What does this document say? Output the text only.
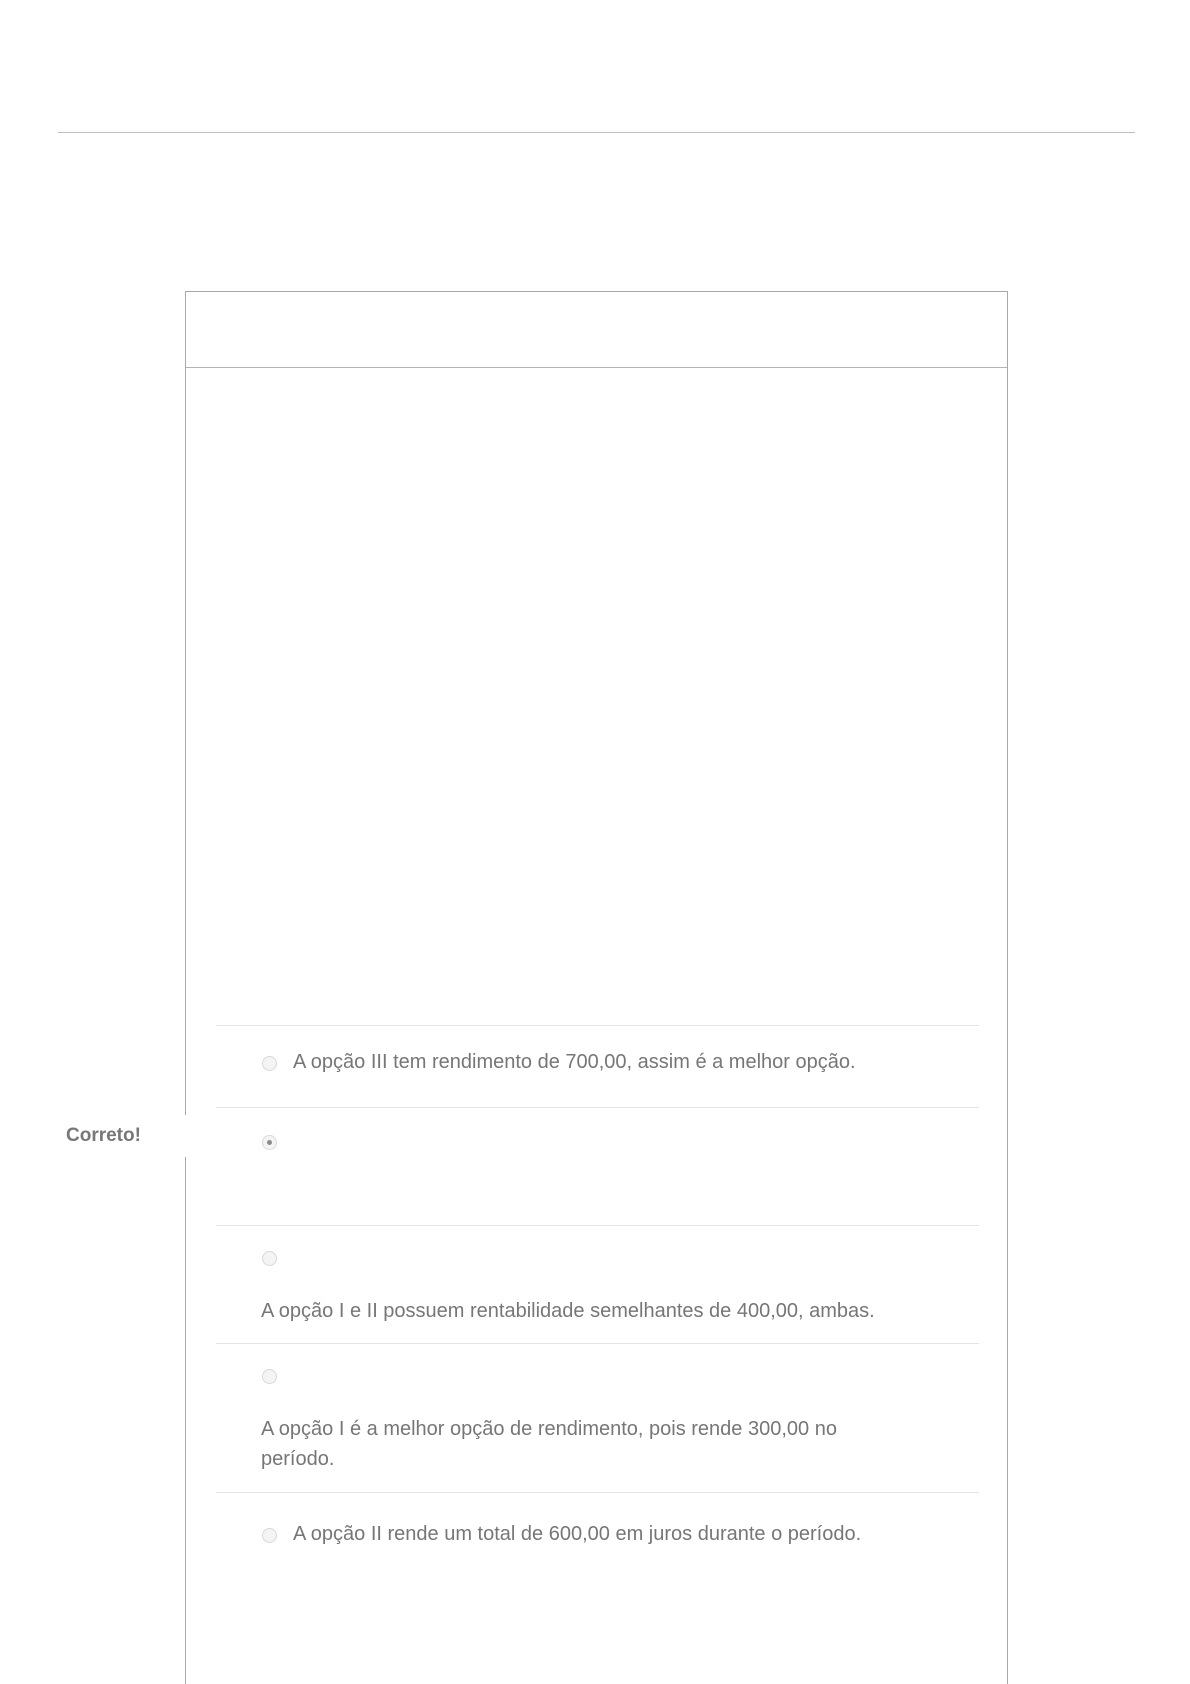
A opção III tem rendimento de 700,00, assim é a melhor opção.
A opção I e II possuem rentabilidade semelhantes de 400,00, ambas.
A opção I é a melhor opção de rendimento, pois rende 300,00 no período.
A opção II rende um total de 600,00 em juros durante o período.
Correto!
